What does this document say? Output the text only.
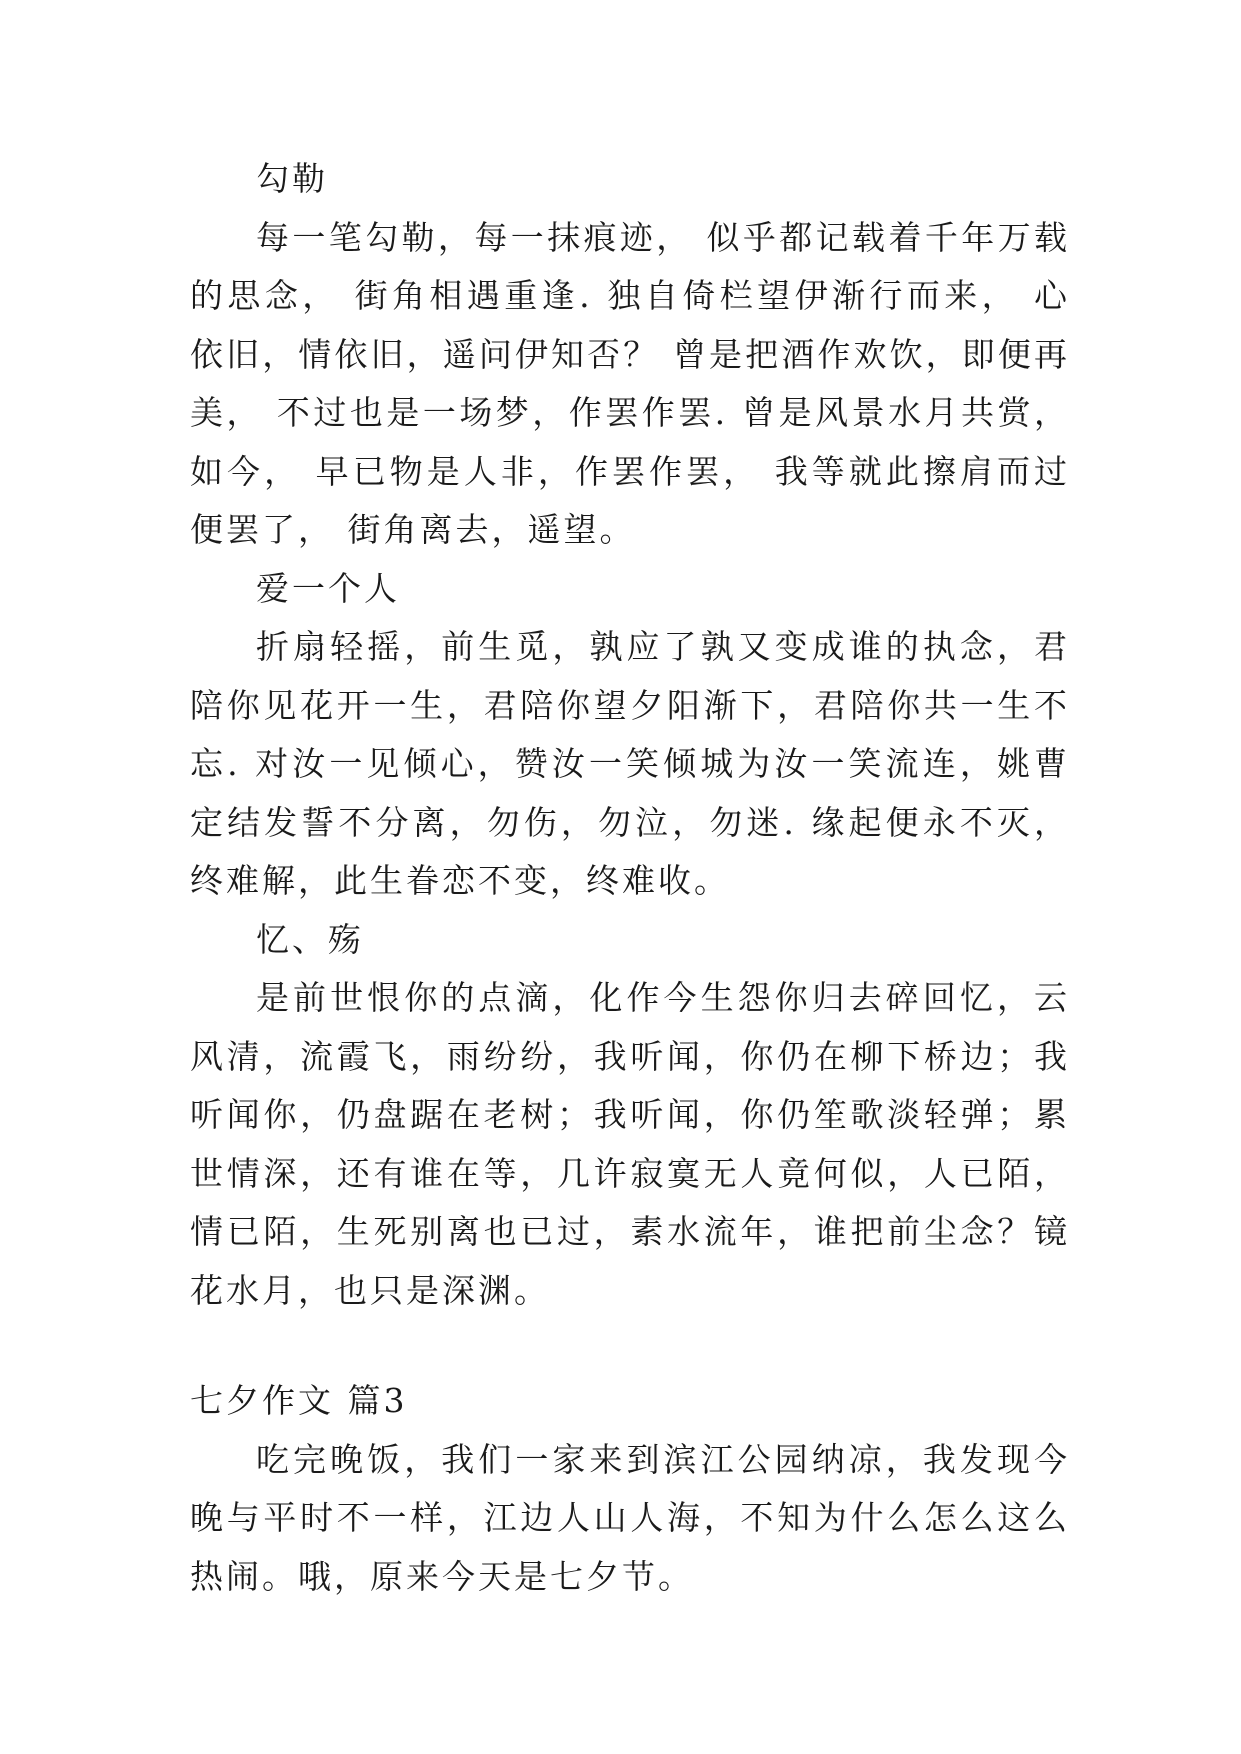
勾勒

每一笔勾勒，每一抹痕迹， 似乎都记载着千年万载的思念， 街角相遇重逢. 独自倚栏望伊渐行而来， 心依旧，情依旧，遥问伊知否？ 曾是把酒作欢饮，即便再美， 不过也是一场梦，作罢作罢. 曾是风景水月共赏，如今， 早已物是人非，作罢作罢， 我等就此擦肩而过便罢了， 街角离去，遥望。

爱一个人

折扇轻摇，前生觅，孰应了孰又变成谁的执念，君陪你见花开一生，君陪你望夕阳渐下，君陪你共一生不忘. 对汝一见倾心，赞汝一笑倾城为汝一笑流连，姚曹定结发誓不分离，勿伤，勿泣，勿迷. 缘起便永不灭，终难解，此生眷恋不变，终难收。

忆、殇

是前世恨你的点滴，化作今生怨你归去碎回忆，云风清，流霞飞，雨纷纷，我听闻，你仍在柳下桥边；我听闻你，仍盘踞在老树；我听闻，你仍笙歌淡轻弹；累世情深，还有谁在等，几许寂寞无人竟何似，人已陌，情已陌，生死别离也已过，素水流年，谁把前尘念？镜花水月，也只是深渊。

七夕作文 篇3

吃完晚饭，我们一家来到滨江公园纳凉，我发现今晚与平时不一样，江边人山人海，不知为什么怎么这么热闹。哦，原来今天是七夕节。
